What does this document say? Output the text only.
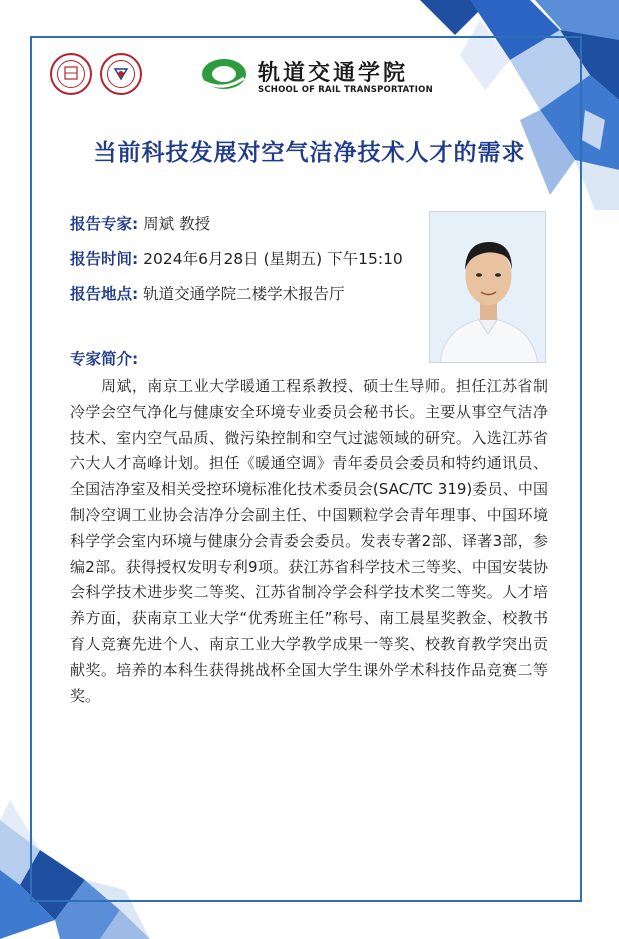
轨道交通学院
SCHOOL OF RAIL TRANSPORTATION
当前科技发展对空气洁净技术人才的需求
报告专家: 周斌 教授
报告时间: 2024年6月28日 (星期五) 下午15:10
报告地点: 轨道交通学院二楼学术报告厅
专家简介:

周斌，南京工业大学暖通工程系教授、硕士生导师。担任江苏省制冷学会空气净化与健康安全环境专业委员会秘书长。主要从事空气洁净技术、室内空气品质、微污染控制和空气过滤领域的研究。入选江苏省六大人才高峰计划。担任《暖通空调》青年委员会委员和特约通讯员、全国洁净室及相关受控环境标准化技术委员会(SAC/TC 319)委员、中国制冷空调工业协会洁净分会副主任、中国颗粒学会青年理事、中国环境科学学会室内环境与健康分会青委会委员。发表专著2部、译著3部，参编2部。获得授权发明专利9项。获江苏省科学技术三等奖、中国安装协会科学技术进步奖二等奖、江苏省制冷学会科学技术奖二等奖。人才培养方面，获南京工业大学“优秀班主任”称号、南工晨星奖教金、校教书育人竞赛先进个人、南京工业大学教学成果一等奖、校教育教学突出贡献奖。培养的本科生获得挑战杯全国大学生课外学术科技作品竞赛二等奖。
